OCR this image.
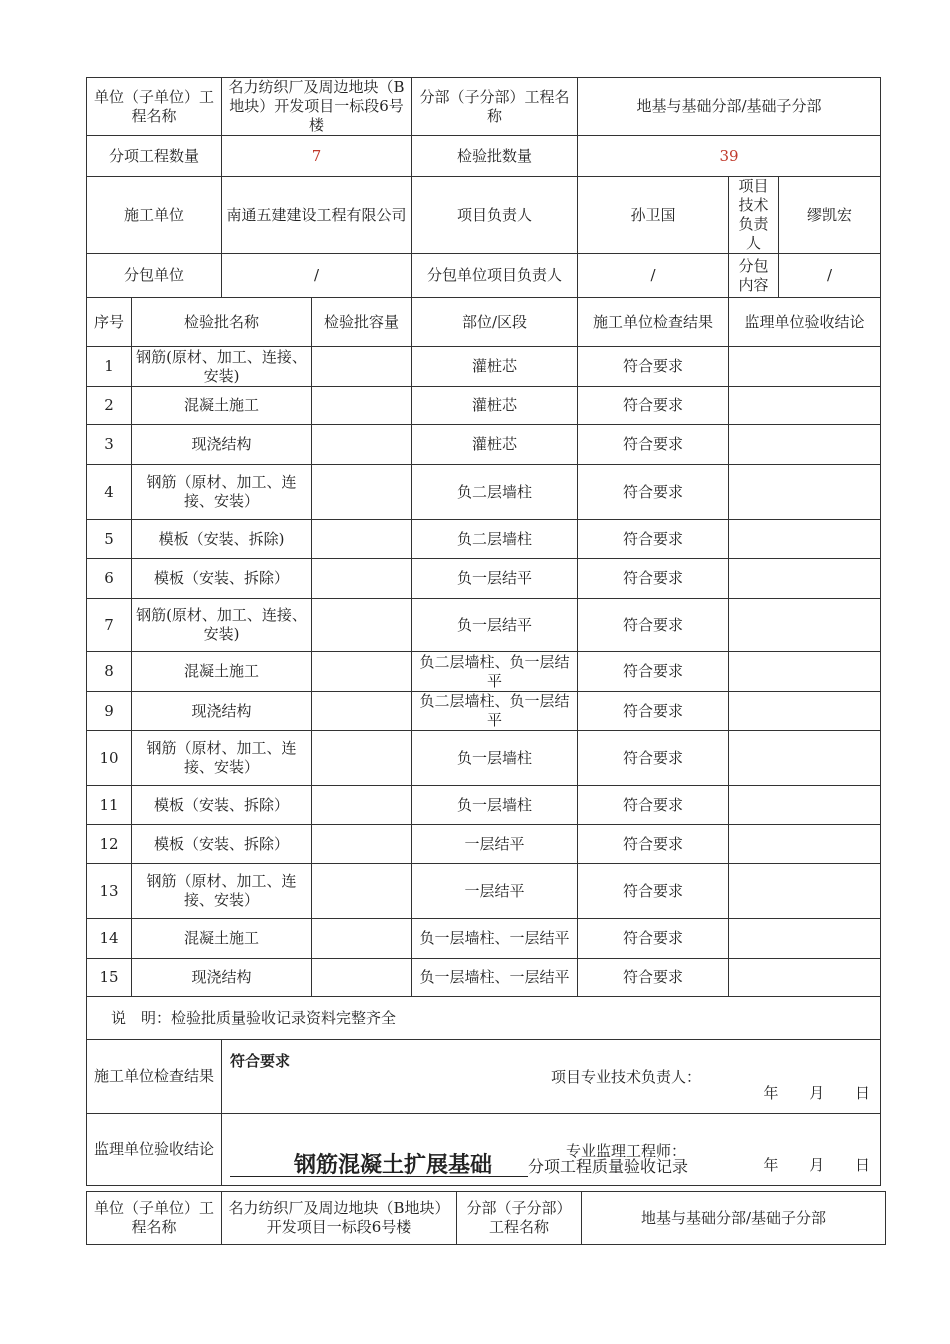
单位（子单位）工程名称		名力纺织厂及周边地块（B地块）开发项目一标段6号楼		分部（子分部）工程名称	地基与基础分部/基础子分部		
分项工程数量		7		检验批数量	39		
施工单位		南通五建建设工程有限公司		项目负责人	孙卫国	项目技术负责人	缪凯宏
分包单位		/		分包单位项目负责人	/	分包内容	/
序号	检验批名称		检验批容量	部位/区段	施工单位检查结果	监理单位验收结论	
1	钢筋(原材、加工、连接、安装)			灌桩芯	符合要求		
2	混凝土施工			灌桩芯	符合要求		
3	现浇结构			灌桩芯	符合要求		
4	钢筋（原材、加工、连接、安装）			负二层墙柱	符合要求		
5	模板（安装、拆除)			负二层墙柱	符合要求		
6	模板（安装、拆除）			负一层结平	符合要求		
7	钢筋(原材、加工、连接、安装)			负一层结平	符合要求		
8	混凝土施工			负二层墙柱、负一层结平	符合要求		
9	现浇结构			负二层墙柱、负一层结平	符合要求		
10	钢筋（原材、加工、连接、安装）			负一层墙柱	符合要求		
11	模板（安装、拆除）			负一层墙柱	符合要求		
12	模板（安装、拆除）			一层结平	符合要求		
13	钢筋（原材、加工、连接、安装）			一层结平	符合要求		
14	混凝土施工			负一层墙柱、一层结平	符合要求		
15	现浇结构			负一层墙柱、一层结平	符合要求		
说　明：检验批质量验收记录资料完整齐全							
施工单位检查结果		符合要求
项目专业技术负责人：
年 月 日					

监理单位验收结论		专业监理工程师：
年 月 日					
钢筋混凝土扩展基础 分项工程质量验收记录
单位（子单位）工程名称	名力纺织厂及周边地块（B地块）开发项目一标段6号楼	分部（子分部）工程名称	地基与基础分部/基础子分部
